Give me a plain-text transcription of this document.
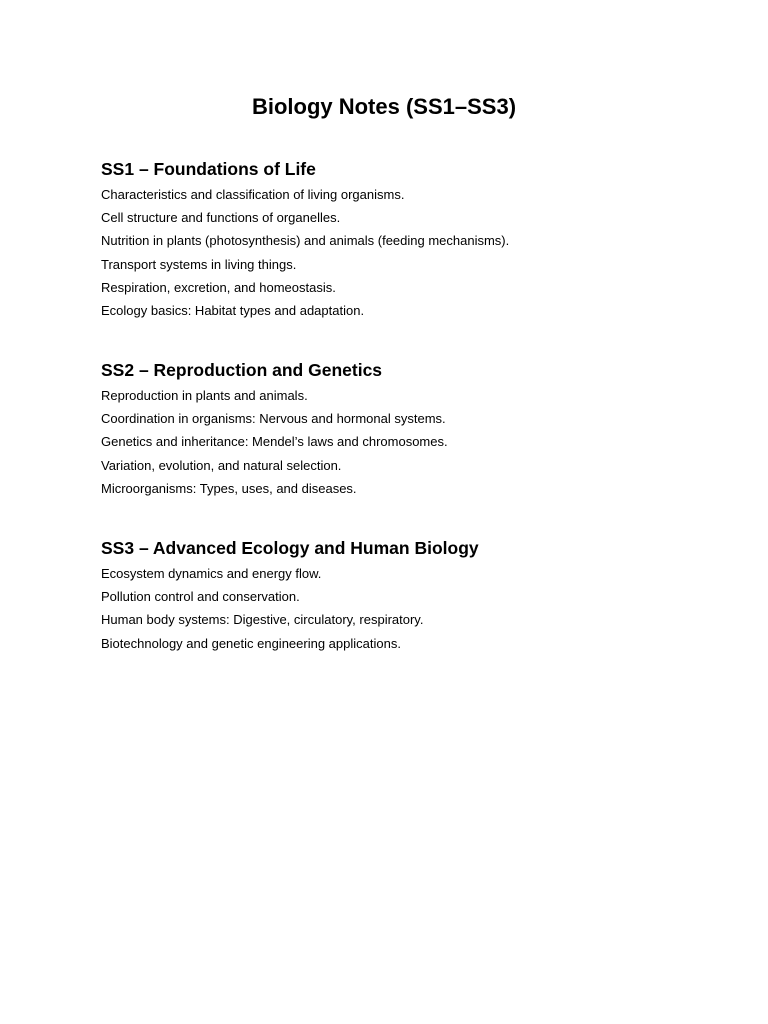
Biology Notes (SS1–SS3)
SS1 – Foundations of Life
Characteristics and classification of living organisms.
Cell structure and functions of organelles.
Nutrition in plants (photosynthesis) and animals (feeding mechanisms).
Transport systems in living things.
Respiration, excretion, and homeostasis.
Ecology basics: Habitat types and adaptation.
SS2 – Reproduction and Genetics
Reproduction in plants and animals.
Coordination in organisms: Nervous and hormonal systems.
Genetics and inheritance: Mendel’s laws and chromosomes.
Variation, evolution, and natural selection.
Microorganisms: Types, uses, and diseases.
SS3 – Advanced Ecology and Human Biology
Ecosystem dynamics and energy flow.
Pollution control and conservation.
Human body systems: Digestive, circulatory, respiratory.
Biotechnology and genetic engineering applications.
